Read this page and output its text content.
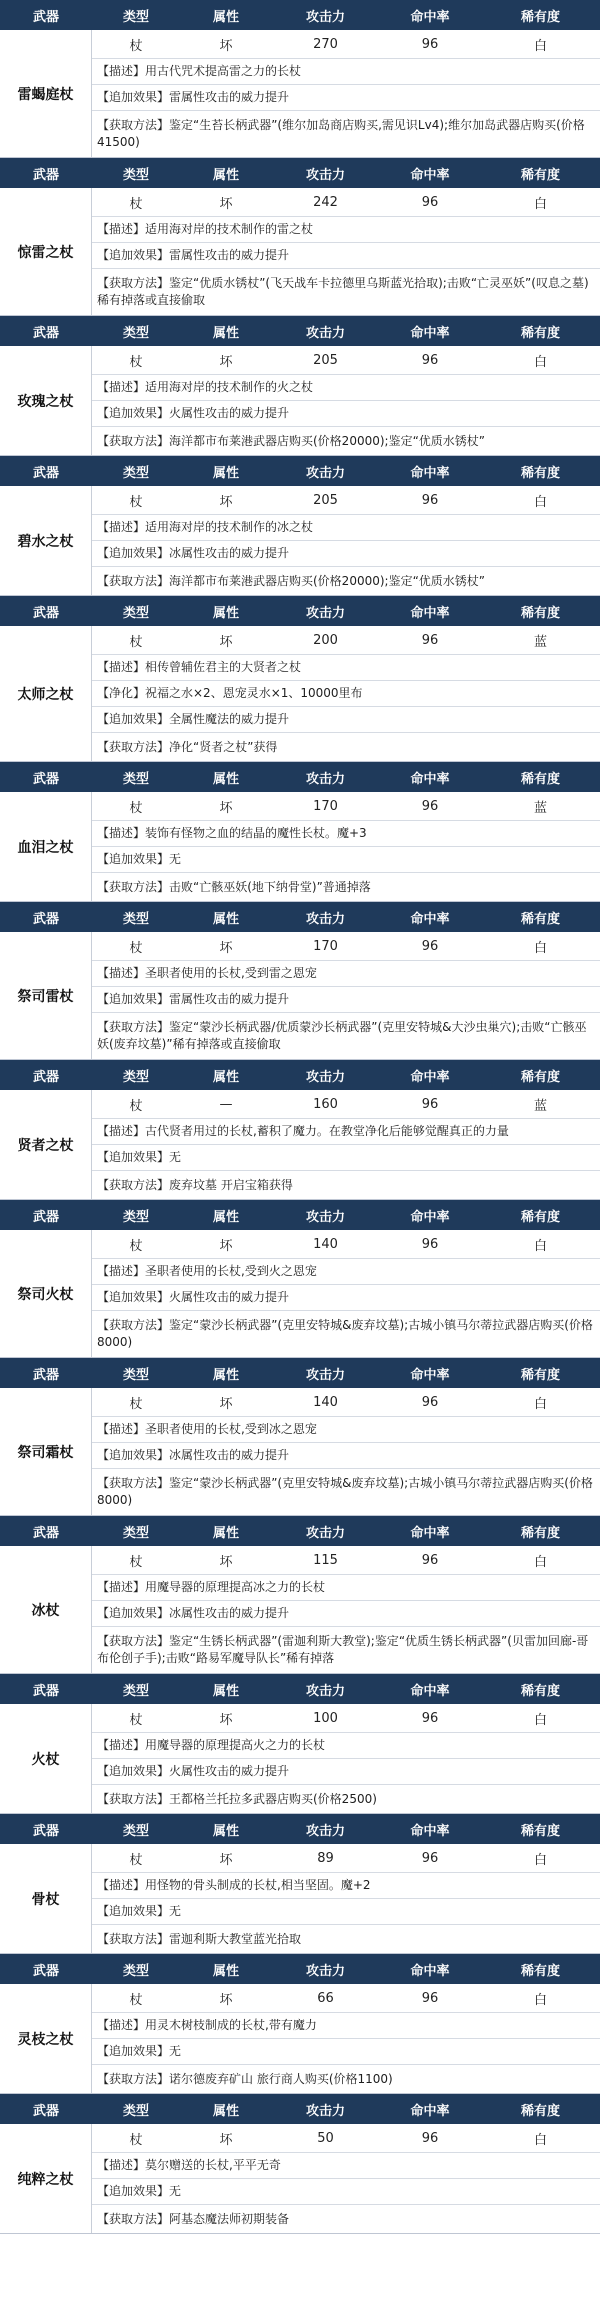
武器	类型	属性	攻击力	命中率	稀有度
雷蝎庭杖
杖	坏	270	96	白
【描述】用古代咒术提高雷之力的长杖
【追加效果】雷属性攻击的威力提升
【获取方法】鉴定“生苔长柄武器”(维尔加岛商店购买,需见识Lv4);维尔加岛武器店购买(价格41500)
武器	类型	属性	攻击力	命中率	稀有度
惊雷之杖
杖	坏	242	96	白
【描述】适用海对岸的技术制作的雷之杖
【追加效果】雷属性攻击的威力提升
【获取方法】鉴定“优质水锈杖”(飞天战车卡拉德里乌斯蓝光拾取);击败“亡灵巫妖”(叹息之墓)稀有掉落或直接偷取
武器	类型	属性	攻击力	命中率	稀有度
玫瑰之杖
杖	坏	205	96	白
【描述】适用海对岸的技术制作的火之杖
【追加效果】火属性攻击的威力提升
【获取方法】海洋都市布莱港武器店购买(价格20000);鉴定“优质水锈杖”
武器	类型	属性	攻击力	命中率	稀有度
碧水之杖
杖	坏	205	96	白
【描述】适用海对岸的技术制作的冰之杖
【追加效果】冰属性攻击的威力提升
【获取方法】海洋都市布莱港武器店购买(价格20000);鉴定“优质水锈杖”
武器	类型	属性	攻击力	命中率	稀有度
太师之杖
杖	坏	200	96	蓝
【描述】相传曾辅佐君主的大贤者之杖
【净化】祝福之水×2、恩宠灵水×1、10000里布
【追加效果】全属性魔法的威力提升
【获取方法】净化“贤者之杖”获得
武器	类型	属性	攻击力	命中率	稀有度
血泪之杖
杖	坏	170	96	蓝
【描述】装饰有怪物之血的结晶的魔性长杖。魔+3
【追加效果】无
【获取方法】击败“亡骸巫妖(地下纳骨堂)”普通掉落
武器	类型	属性	攻击力	命中率	稀有度
祭司雷杖
杖	坏	170	96	白
【描述】圣职者使用的长杖,受到雷之恩宠
【追加效果】雷属性攻击的威力提升
【获取方法】鉴定“蒙沙长柄武器/优质蒙沙长柄武器”(克里安特城&大沙虫巢穴);击败“亡骸巫妖(废弃坟墓)”稀有掉落或直接偷取
武器	类型	属性	攻击力	命中率	稀有度
贤者之杖
杖	—	160	96	蓝
【描述】古代贤者用过的长杖,蓄积了魔力。在教堂净化后能够觉醒真正的力量
【追加效果】无
【获取方法】废弃坟墓 开启宝箱获得
武器	类型	属性	攻击力	命中率	稀有度
祭司火杖
杖	坏	140	96	白
【描述】圣职者使用的长杖,受到火之恩宠
【追加效果】火属性攻击的威力提升
【获取方法】鉴定“蒙沙长柄武器”(克里安特城&废弃坟墓);古城小镇马尔蒂拉武器店购买(价格8000)
武器	类型	属性	攻击力	命中率	稀有度
祭司霜杖
杖	坏	140	96	白
【描述】圣职者使用的长杖,受到冰之恩宠
【追加效果】冰属性攻击的威力提升
【获取方法】鉴定“蒙沙长柄武器”(克里安特城&废弃坟墓);古城小镇马尔蒂拉武器店购买(价格8000)
武器	类型	属性	攻击力	命中率	稀有度
冰杖
杖	坏	115	96	白
【描述】用魔导器的原理提高冰之力的长杖
【追加效果】冰属性攻击的威力提升
【获取方法】鉴定“生锈长柄武器”(雷迦利斯大教堂);鉴定“优质生锈长柄武器”(贝雷加回廊-哥布伦创子手);击败“路易军魔导队长”稀有掉落
武器	类型	属性	攻击力	命中率	稀有度
火杖
杖	坏	100	96	白
【描述】用魔导器的原理提高火之力的长杖
【追加效果】火属性攻击的威力提升
【获取方法】王都格兰托拉多武器店购买(价格2500)
武器	类型	属性	攻击力	命中率	稀有度
骨杖
杖	坏	89	96	白
【描述】用怪物的骨头制成的长杖,相当坚固。魔+2
【追加效果】无
【获取方法】雷迦利斯大教堂蓝光拾取
武器	类型	属性	攻击力	命中率	稀有度
灵枝之杖
杖	坏	66	96	白
【描述】用灵木树枝制成的长杖,带有魔力
【追加效果】无
【获取方法】诺尔德废弃矿山 旅行商人购买(价格1100)
武器	类型	属性	攻击力	命中率	稀有度
纯粹之杖
杖	坏	50	96	白
【描述】莫尔赠送的长杖,平平无奇
【追加效果】无
【获取方法】阿基态魔法师初期装备
